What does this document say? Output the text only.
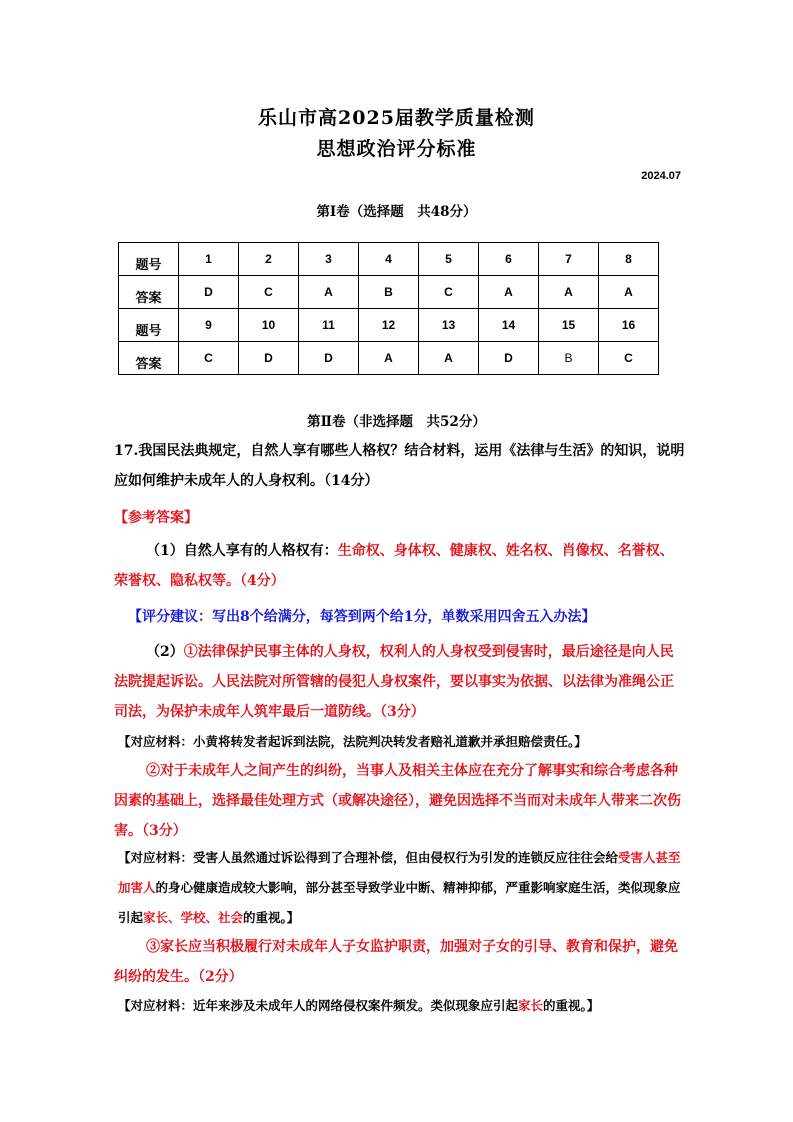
乐山市高2025届教学质量检测
思想政治评分标准
2024.07
第Ⅰ卷（选择题　共48分）
题号	1	2	3	4	5	6	7	8
答案	D	C	A	B	C	A	A	A
题号	9	10	11	12	13	14	15	16
答案	C	D	D	A	A	D	B	C
第Ⅱ卷（非选择题　共52分）
17.我国民法典规定，自然人享有哪些人格权？结合材料，运用《法律与生活》的知识，说明应如何维护未成年人的人身权利。（14分）
【参考答案】
（1）自然人享有的人格权有：生命权、身体权、健康权、姓名权、肖像权、名誉权、荣誉权、隐私权等。（4分）
【评分建议：写出8个给满分，每答到两个给1分，单数采用四舍五入办法】
（2）①法律保护民事主体的人身权，权利人的人身权受到侵害时，最后途径是向人民法院提起诉讼。人民法院对所管辖的侵犯人身权案件，要以事实为依据、以法律为准绳公正司法，为保护未成年人筑牢最后一道防线。（3分）
【对应材料：小黄将转发者起诉到法院，法院判决转发者赔礼道歉并承担赔偿责任。】
②对于未成年人之间产生的纠纷，当事人及相关主体应在充分了解事实和综合考虑各种因素的基础上，选择最佳处理方式（或解决途径），避免因选择不当而对未成年人带来二次伤害。（3分）
【对应材料：受害人虽然通过诉讼得到了合理补偿，但由侵权行为引发的连锁反应往往会给受害人甚至加害人的身心健康造成较大影响，部分甚至导致学业中断、精神抑郁，严重影响家庭生活，类似现象应引起家长、学校、社会的重视。】
③家长应当积极履行对未成年人子女监护职责，加强对子女的引导、教育和保护，避免纠纷的发生。（2分）
【对应材料：近年来涉及未成年人的网络侵权案件频发。类似现象应引起家长的重视。】
